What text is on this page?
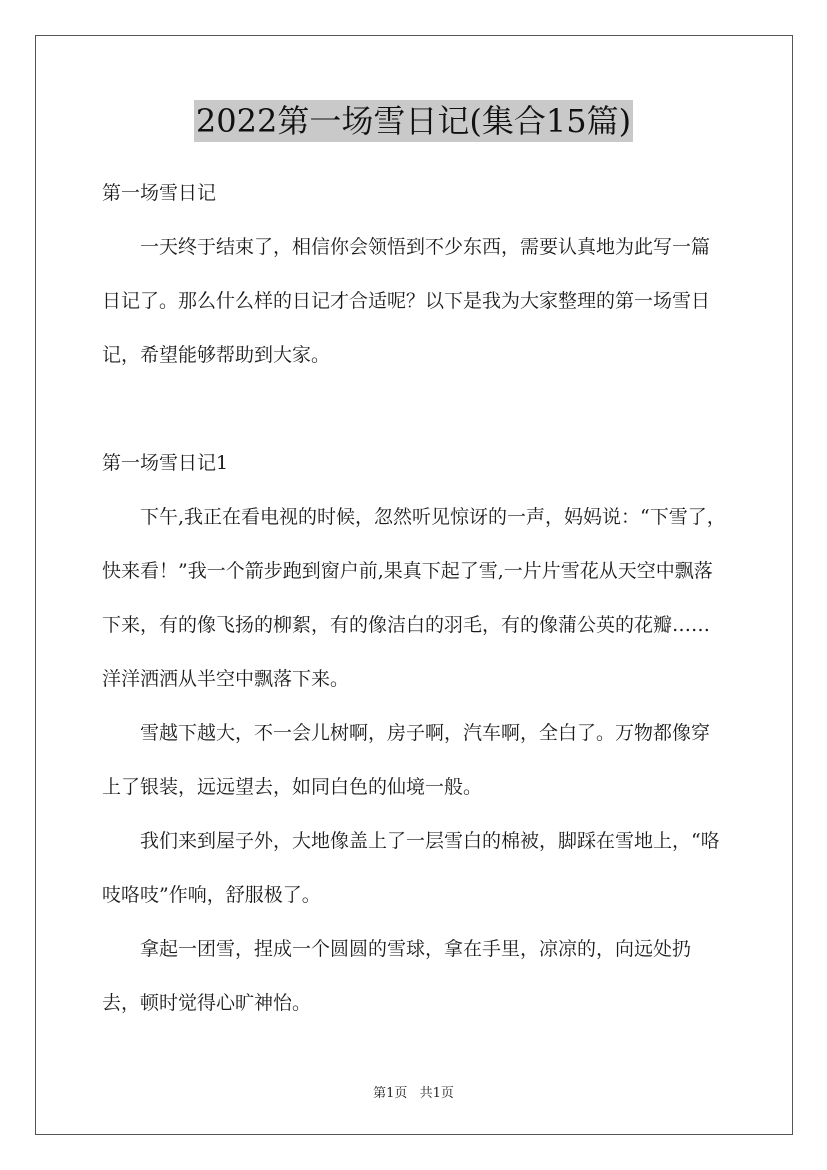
2022第一场雪日记(集合15篇)

第一场雪日记

一天终于结束了，相信你会领悟到不少东西，需要认真地为此写一篇日记了。那么什么样的日记才合适呢？以下是我为大家整理的第一场雪日记，希望能够帮助到大家。

第一场雪日记1

下午,我正在看电视的时候，忽然听见惊讶的一声，妈妈说：“下雪了，快来看！”我一个箭步跑到窗户前,果真下起了雪,一片片雪花从天空中飘落下来，有的像飞扬的柳絮，有的像洁白的羽毛，有的像蒲公英的花瓣……洋洋洒洒从半空中飘落下来。

雪越下越大，不一会儿树啊，房子啊，汽车啊，全白了。万物都像穿上了银装，远远望去，如同白色的仙境一般。

我们来到屋子外，大地像盖上了一层雪白的棉被，脚踩在雪地上，“咯吱咯吱”作响，舒服极了。

拿起一团雪，捏成一个圆圆的雪球，拿在手里，凉凉的，向远处扔去，顿时觉得心旷神怡。

第1页 共1页
